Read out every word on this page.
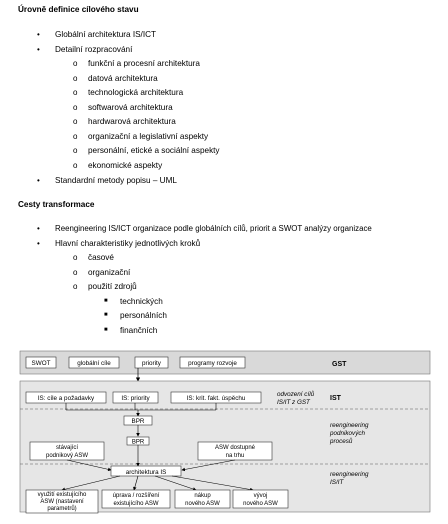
Úrovně definice cílového stavu
• Globální architektura IS/ICT
• Detailní rozpracování
o funkční a procesní architektura
o datová architektura
o technologická architektura
o softwarová architektura
o hardwarová architektura
o organizační a legislativní aspekty
o personální, etické a sociální aspekty
o ekonomické aspekty
• Standardní metody popisu – UML
Cesty transformace
• Reengineering IS/ICT organizace podle globálních cílů, priorit a SWOT analýzy organizace
• Hlavní charakteristiky jednotlivých kroků
o časové
o organizační
o použití zdrojů
■ technických
■ personálních
■ finančních
SWOT	globální cíle	priority	programy rozvoje	GST
IS: cíle a požadavky	IS: priority	IS: krit. fakt. úspěchu
odvození cílů
IS/IT z GST
IST
BPR
reengineering
podnikových
procesů
BPR
stávající
podnikový ASW
ASW dostupné
na trhu
reengineering
IS/IT
architektura IS
využití existujícího
ASW (nastavení
parametrů)
úprava / rozšíření
existujícího ASW
nákup
nového ASW
vývoj
nového ASW
